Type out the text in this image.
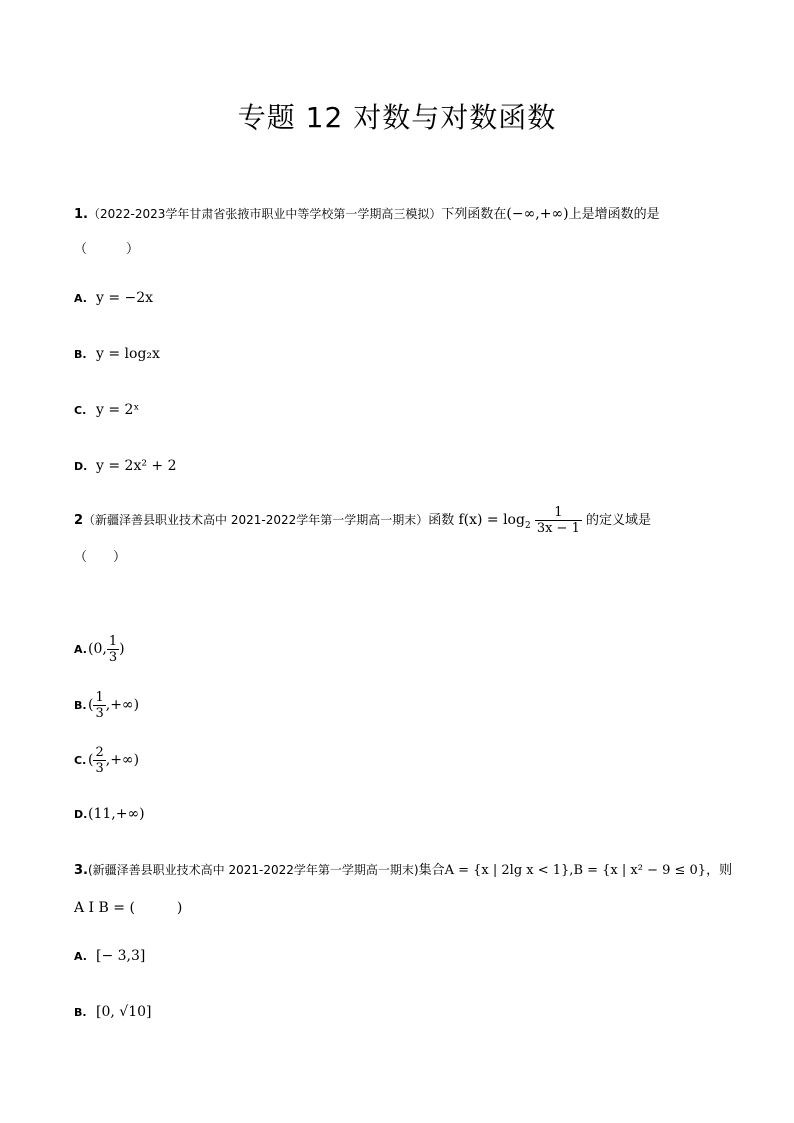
专题 12 对数与对数函数
1.（2022-2023学年甘肃省张掖市职业中等学校第一学期高三模拟）下列函数在(−∞,+∞)上是增函数的是
（　　　）
A. y = −2x
B. y = log₂x
C. y = 2ˣ
D. y = 2x² + 2
2（新疆泽善县职业技术高中 2021-2022学年第一学期高一期末）函数 $f(x) = \log_2 \frac{1}{3x - 1}$ 的定义域是
（　　）
A.(0, $\frac{1}{3}$ )
$B.( \frac{1}{3}$ ,+∞)
C. ( $\frac{2}{3}$ ,+∞)
D.(11,+∞)
3.(新疆泽善县职业技术高中 2021-2022学年第一学期高一期末)集合A = {x | 2lg x < 1},B = {x | x² − 9 ≤ 0}，则
A I B = (　　　)
A. [− 3,3]
B. [0, √10]
